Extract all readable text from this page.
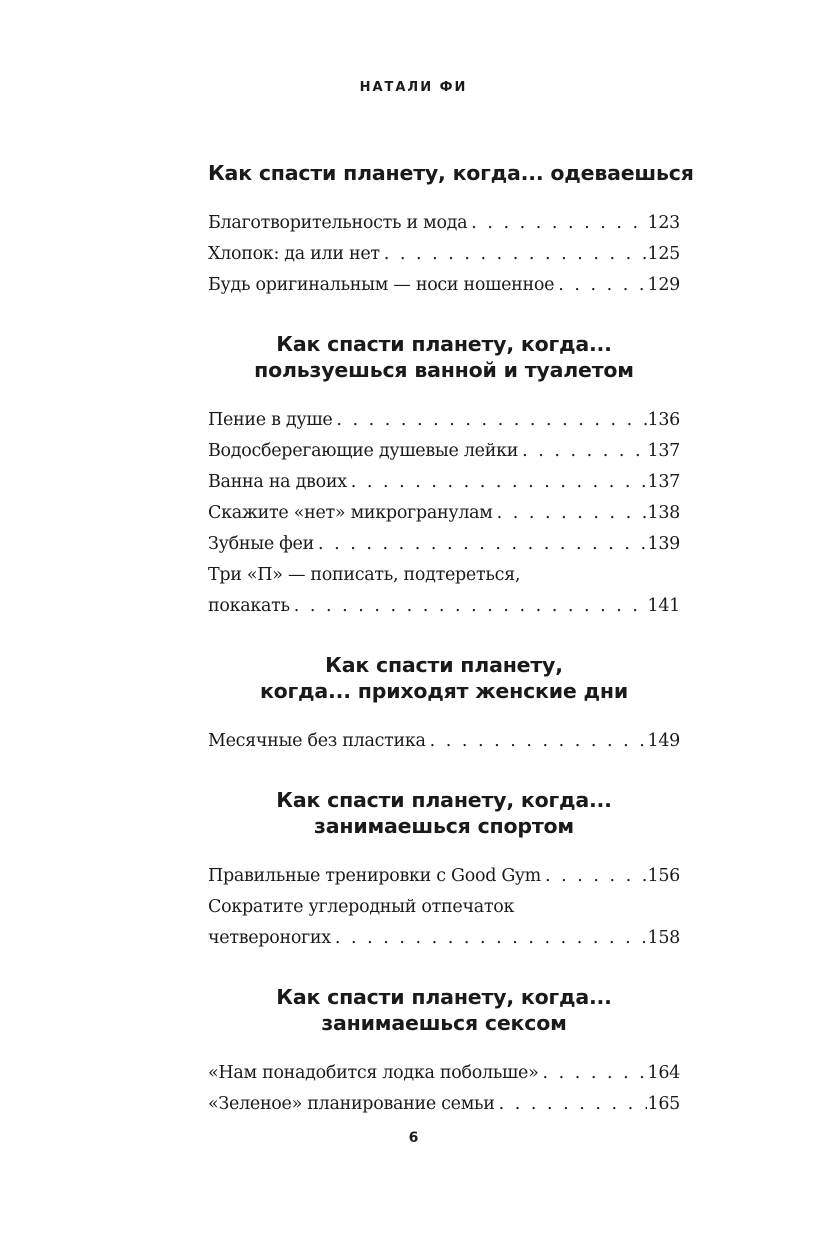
НАТАЛИ ФИ
Как спасти планету, когда... одеваешься
Благотворительность и мода . . .	123
Хлопок: да или нет . . .	125
Будь оригинальным — носи ношенное . . .	129
Как спасти планету, когда...
пользуешься ванной и туалетом
Пение в душе . . .	136
Водосберегающие душевые лейки . . .	137
Ванна на двоих . . .	137
Скажите «нет» микрогранулам . . .	138
Зубные феи . . .	139
Три «П» — пописать, подтереться,
покакать . . .	141
Как спасти планету,
когда... приходят женские дни
Месячные без пластика . . .	149
Как спасти планету, когда...
занимаешься спортом
Правильные тренировки с Good Gym . . .	156
Сократите углеродный отпечаток
четвероногих . . .	158
Как спасти планету, когда...
занимаешься сексом
«Нам понадобится лодка побольше» . . .	164
«Зеленое» планирование семьи . . .	165
6
